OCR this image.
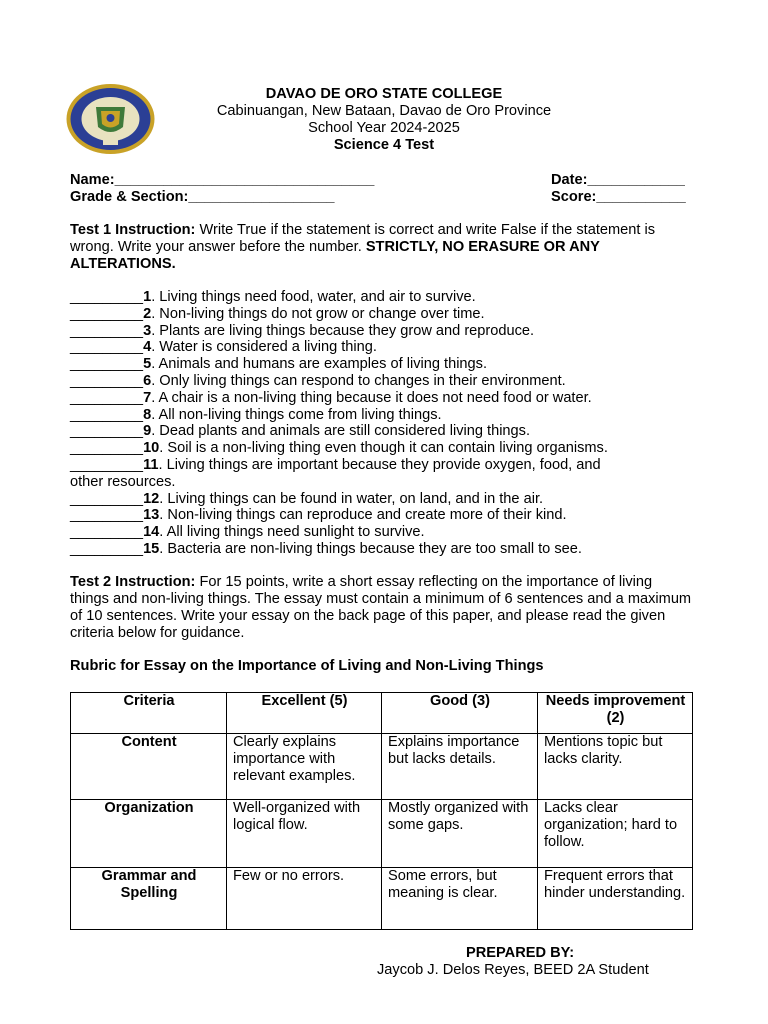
DAVAO DE ORO STATE COLLEGE
Cabinuangan, New Bataan, Davao de Oro Province
School Year 2024-2025
Science 4 Test
Name:________________________________	Date:____________
Grade & Section:__________________	Score:___________
Test 1 Instruction: Write True if the statement is correct and write False if the statement is wrong. Write your answer before the number. STRICTLY, NO ERASURE OR ANY ALTERATIONS.
_________1. Living things need food, water, and air to survive.
_________2. Non-living things do not grow or change over time.
_________3. Plants are living things because they grow and reproduce.
_________4. Water is considered a living thing.
_________5. Animals and humans are examples of living things.
_________6. Only living things can respond to changes in their environment.
_________7. A chair is a non-living thing because it does not need food or water.
_________8. All non-living things come from living things.
_________9. Dead plants and animals are still considered living things.
_________10. Soil is a non-living thing even though it can contain living organisms.
_________11. Living things are important because they provide oxygen, food, and
other resources.
_________12. Living things can be found in water, on land, and in the air.
_________13. Non-living things can reproduce and create more of their kind.
_________14. All living things need sunlight to survive.
_________15. Bacteria are non-living things because they are too small to see.
Test 2 Instruction: For 15 points, write a short essay reflecting on the importance of living things and non-living things. The essay must contain a minimum of 6 sentences and a maximum of 10 sentences. Write your essay on the back page of this paper, and please read the given criteria below for guidance.
Rubric for Essay on the Importance of Living and Non-Living Things
Criteria	Excellent (5)	Good (3)	Needs improvement (2)
Content	Clearly explains importance with relevant examples.	Explains importance but lacks details.	Mentions topic but lacks clarity.
Organization	Well-organized with logical flow.	Mostly organized with some gaps.	Lacks clear organization; hard to follow.
Grammar and Spelling	Few or no errors.	Some errors, but meaning is clear.	Frequent errors that hinder understanding.
PREPARED BY:
Jaycob J. Delos Reyes, BEED 2A Student
